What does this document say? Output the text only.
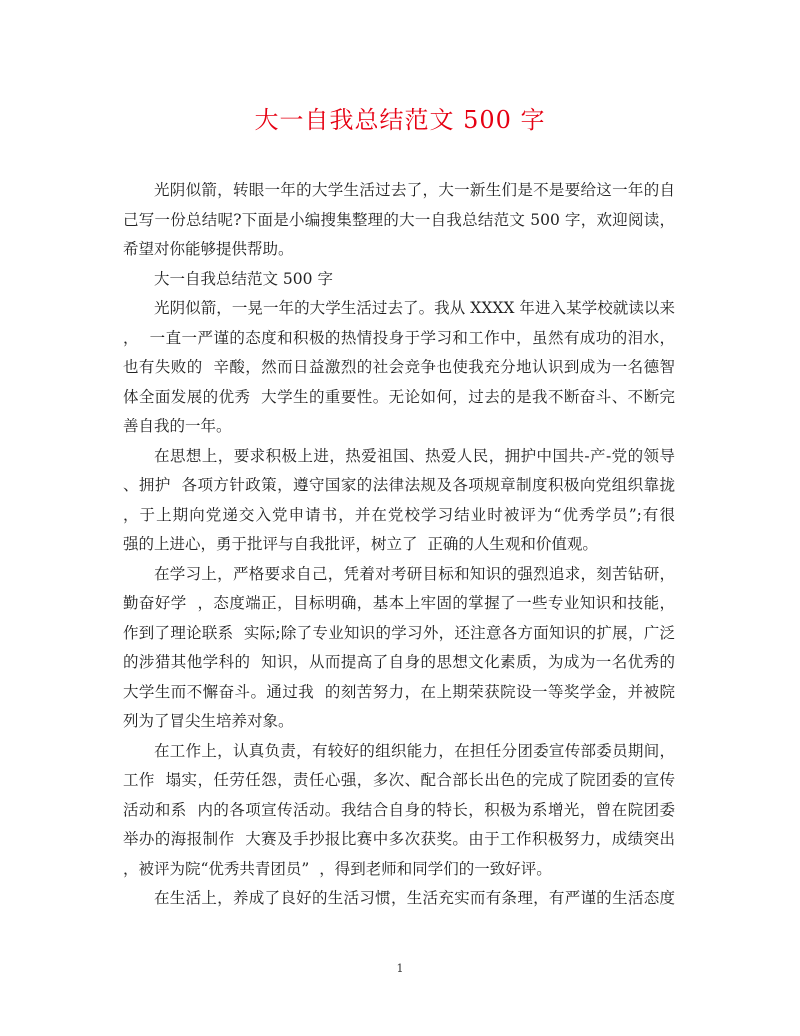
大一自我总结范文 500 字
光阴似箭，转眼一年的大学生活过去了，大一新生们是不是要给这一年的自
己写一份总结呢?下面是小编搜集整理的大一自我总结范文 500 字，欢迎阅读，
希望对你能够提供帮助。
大一自我总结范文 500 字
光阴似箭，一晃一年的大学生活过去了。我从 XXXX 年进入某学校就读以来
，  一直一严谨的态度和积极的热情投身于学习和工作中，虽然有成功的泪水，
也有失败的  辛酸，然而日益激烈的社会竞争也使我充分地认识到成为一名德智
体全面发展的优秀  大学生的重要性。无论如何，过去的是我不断奋斗、不断完
善自我的一年。
在思想上，要求积极上进，热爱祖国、热爱人民，拥护中国共-产-党的领导
、拥护  各项方针政策，遵守国家的法律法规及各项规章制度积极向党组织靠拢
，于上期向党递交入党申请书，并在党校学习结业时被评为“优秀学员”;有很
强的上进心，勇于批评与自我批评，树立了  正确的人生观和价值观。
在学习上，严格要求自己，凭着对考研目标和知识的强烈追求，刻苦钻研，
勤奋好学  ，态度端正，目标明确，基本上牢固的掌握了一些专业知识和技能，
作到了理论联系  实际;除了专业知识的学习外，还注意各方面知识的扩展，广泛
的涉猎其他学科的  知识，从而提高了自身的思想文化素质，为成为一名优秀的
大学生而不懈奋斗。通过我  的刻苦努力，在上期荣获院设一等奖学金，并被院
列为了冒尖生培养对象。
在工作上，认真负责，有较好的组织能力，在担任分团委宣传部委员期间，
工作  塌实，任劳任怨，责任心强，多次、配合部长出色的完成了院团委的宣传
活动和系  内的各项宣传活动。我结合自身的特长，积极为系增光，曾在院团委
举办的海报制作  大赛及手抄报比赛中多次获奖。由于工作积极努力，成绩突出
，被评为院“优秀共青团员”  ，得到老师和同学们的一致好评。
在生活上，养成了良好的生活习惯，生活充实而有条理，有严谨的生活态度
1
